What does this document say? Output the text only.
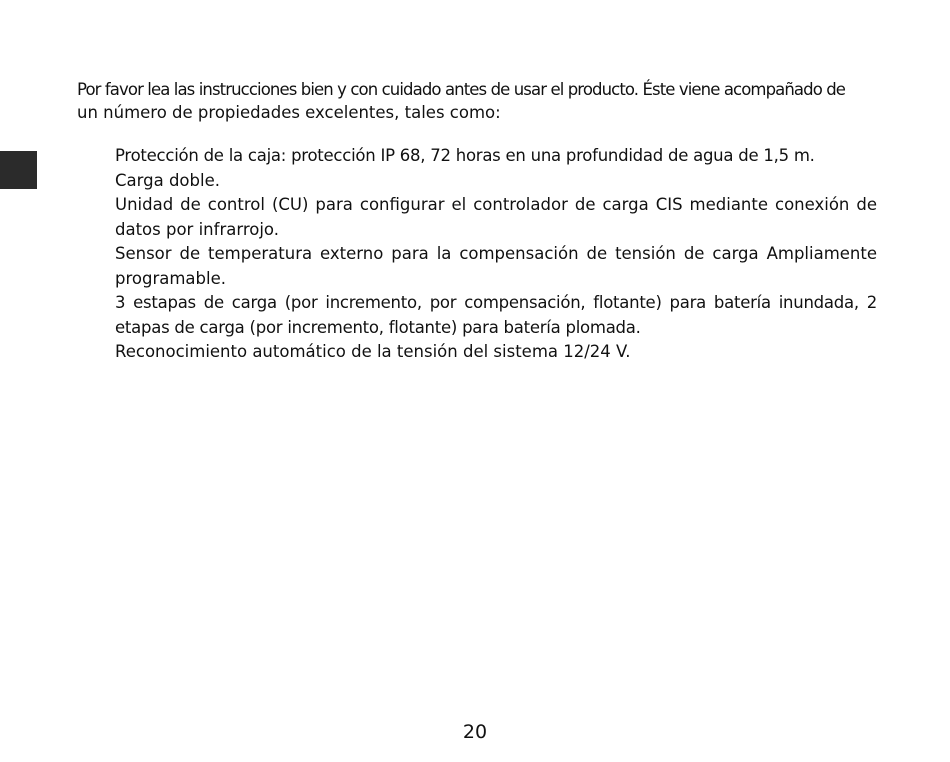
Por favor lea las instrucciones bien y con cuidado antes de usar el producto. Éste viene acompañado de
un número de propiedades excelentes, tales como:

Protección de la caja: protección IP 68, 72 horas en una profundidad de agua de 1,5 m.
Carga doble.
Unidad de control (CU) para configurar el controlador de carga CIS mediante conexión de datos por infrarrojo.
Sensor de temperatura externo para la compensación de tensión de carga Ampliamente programable.
3 estapas de carga (por incremento, por compensación, flotante) para batería inundada, 2 etapas de carga (por incremento, flotante) para batería plomada.
Reconocimiento automático de la tensión del sistema 12/24 V.
20
